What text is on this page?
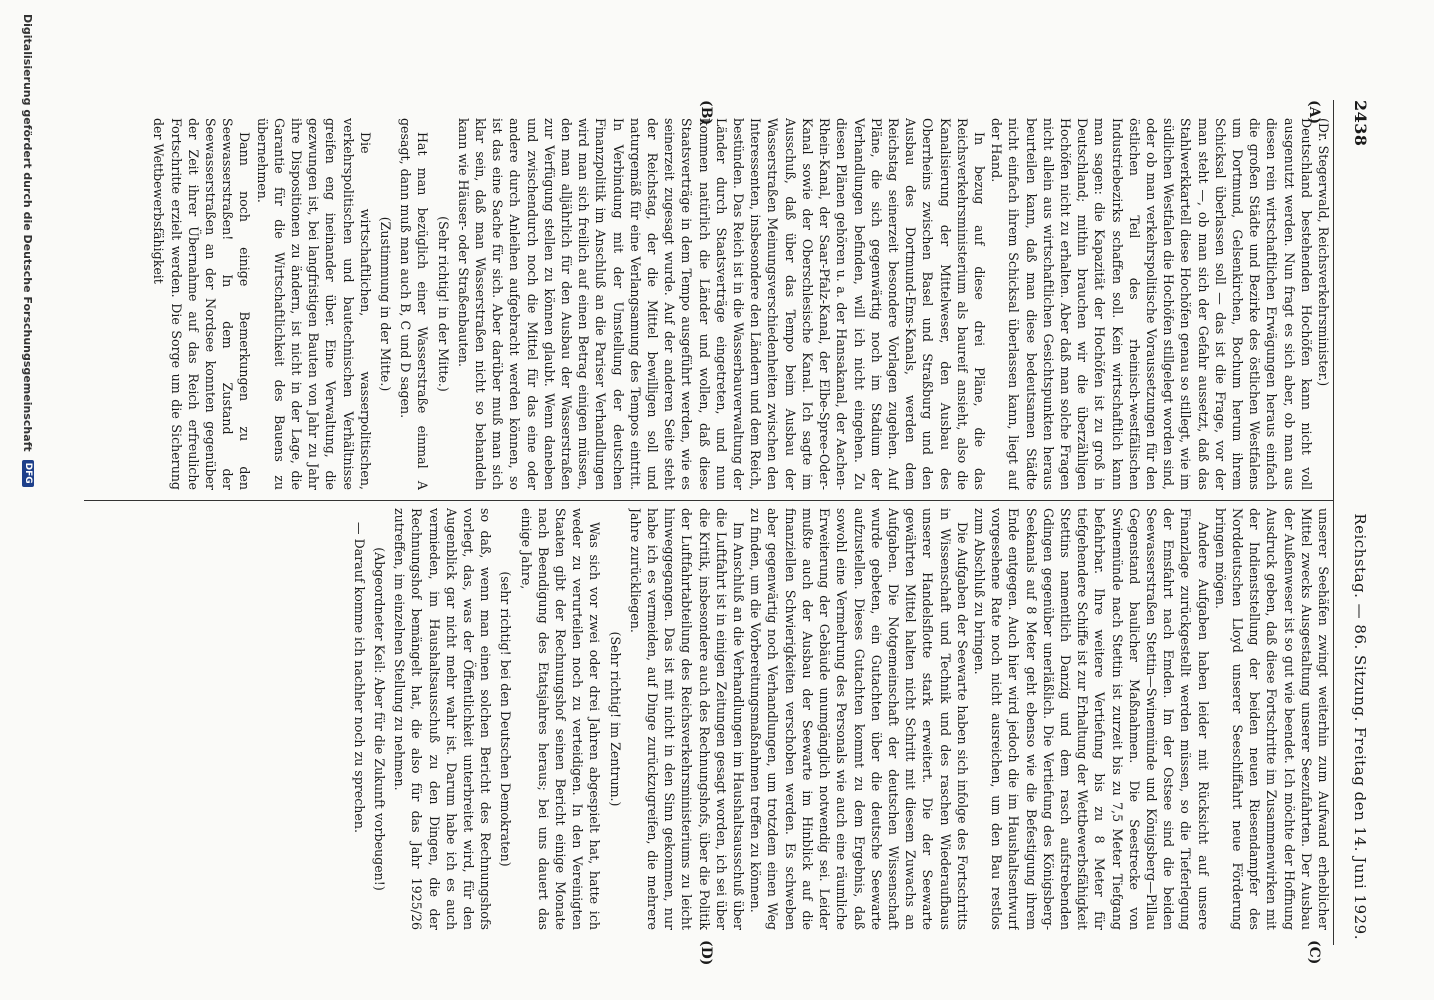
2438
Reichstag. — 86. Sitzung. Freitag den 14. Juni 1929.
(A)
(B)
(C)
(D)

(Dr. Stegerwald, Reichsverkehrsminister.)

Deutschland bestehenden Hochöfen kann nicht voll ausgenutzt werden. Nun fragt es sich aber, ob man aus diesen rein wirtschaftlichen Erwägungen heraus einfach die großen Städte und Bezirke des östlichen Westfalens um Dortmund, Gelsenkirchen, Bochum herum ihrem Schicksal überlassen soll — das ist die Frage, vor der man steht —, ob man sich der Gefahr aussetzt, daß das Stahlwerkkartell diese Hochöfen genau so stillegt, wie im südlichen Westfalen die Hochöfen stillgelegt worden sind, oder ob man verkehrspolitische Voraussetzungen für den östlichen Teil des rheinisch-westfälischen Industriebezirks schaffen soll. Kein wirtschaftlich kann man sagen: die Kapazität der Hochöfen ist zu groß in Deutschland; mithin brauchen wir die überzähligen Hochöfen nicht zu erhalten. Aber daß man solche Fragen nicht allein aus wirtschaftlichen Gesichtspunkten heraus beurteilen kann, daß man diese bedeutsamen Städte nicht einfach ihrem Schicksal überlassen kann, liegt auf der Hand.

In bezug auf diese drei Pläne, die das Reichsverkehrsministerium als baureif ansieht, also die Kanalisierung der Mittelweser, den Ausbau des Oberrheins zwischen Basel und Straßburg und den Ausbau des Dortmund-Ems-Kanals, werden dem Reichstag seinerzeit besondere Vorlagen zugehen. Auf Pläne, die sich gegenwärtig noch im Stadium der Verhandlungen befinden, will ich nicht eingehen. Zu diesen Plänen gehören u. a. der Hansakanal, der Aachen-Rhein-Kanal, der Saar-Pfalz-Kanal, der Elbe-Spree-Oder-Kanal sowie der Oberschlesische Kanal. Ich sagte im Ausschuß, daß über das Tempo beim Ausbau der Wasserstraßen Meinungsverschiedenheiten zwischen den Interessenten, insbesondere den Ländern und dem Reich, bestünden. Das Reich ist in die Wasserbauverwaltung der Länder durch Staatsverträge eingetreten, und nun kommen natürlich die Länder und wollen, daß diese Staatsverträge in dem Tempo ausgeführt werden, wie es seinerzeit zugesagt wurde. Auf der anderen Seite steht der Reichstag, der die Mittel bewilligen soll und naturgemäß für eine Verlangsamung des Tempos eintritt. In Verbindung mit der Umstellung der deutschen Finanzpolitik im Anschluß an die Pariser Verhandlungen wird man sich freilich auf einen Betrag einigen müssen, den man alljährlich für den Ausbau der Wasserstraßen zur Verfügung stellen zu können glaubt. Wenn daneben und zwischendurch noch die Mittel für das eine oder andere durch Anleihen aufgebracht werden können, so ist das eine Sache für sich. Aber darüber muß man sich klar sein, daß man Wasserstraßen nicht so behandeln kann wie Häuser- oder Straßenbauten.

(Sehr richtig! in der Mitte.)

Hat man bezüglich einer Wasserstraße einmal A gesagt, dann muß man auch B, C und D sagen.

(Zustimmung in der Mitte.)

Die wirtschaftlichen, wasserpolitischen, verkehrspolitischen und bautechnischen Verhältnisse greifen eng ineinander über. Eine Verwaltung, die gezwungen ist, bei langfristigen Bauten von Jahr zu Jahr ihre Dispositionen zu ändern, ist nicht in der Lage, die Garantie für die Wirtschaftlichkeit des Bauens zu übernehmen.

Dann noch einige Bemerkungen zu den Seewasserstraßen! In dem Zustand der Seewasserstraßen an der Nordsee konnten gegenüber der Zeit ihrer Übernahme auf das Reich erfreuliche Fortschritte erzielt werden. Die Sorge um die Sicherung der Wettbewerbsfähigkeit

unserer Seehäfen zwingt weiterhin zum Aufwand erheblicher Mittel zwecks Ausgestaltung unserer Seezufahrten. Der Ausbau der Außenweser ist so gut wie beendet. Ich möchte der Hoffnung Ausdruck geben, daß diese Fortschritte im Zusammenwirken mit der Indienststellung der beiden neuen Riesendampfer des Norddeutschen Lloyd unserer Seeschiffahrt neue Förderung bringen mögen.

Andere Aufgaben haben leider mit Rücksicht auf unsere Finanzlage zurückgestellt werden müssen, so die Tieferlegung der Emsfahrt nach Emden. Im der Ostsee sind die beiden Seewasserstraßen Stettin—Swinemünde und Königsberg—Pillau Gegenstand baulicher Maßnahmen. Die Seestrecke von Swinemünde nach Stettin ist zurzeit bis zu 7,5 Meter Tiefgang befahrbar. Ihre weitere Vertiefung bis zu 8 Meter für tiefgehendere Schiffe ist zur Erhaltung der Wettbewerbsfähigkeit Stettins namentlich Danzig und dem rasch aufstrebenden Gdingen gegenüber unerläßlich. Die Vertiefung des Königsberg-Seekanals auf 8 Meter geht ebenso wie die Befestigung ihrem Ende entgegen. Auch hier wird jedoch die im Haushaltsentwurf vorgesehene Rate noch nicht ausreichen, um den Bau restlos zum Abschluß zu bringen.

Die Aufgaben der Seewarte haben sich infolge des Fortschritts in Wissenschaft und Technik und des raschen Wiederaufbaus unserer Handelsflotte stark erweitert. Die der Seewarte gewährten Mittel halten nicht Schritt mit diesem Zuwachs an Aufgaben. Die Notgemeinschaft der deutschen Wissenschaft wurde gebeten, ein Gutachten über die deutsche Seewarte aufzustellen. Dieses Gutachten kommt zu dem Ergebnis, daß sowohl eine Vermehrung des Personals wie auch eine räumliche Erweiterung der Gebäude unumgänglich notwendig sei. Leider mußte auch der Ausbau der Seewarte im Hinblick auf die finanziellen Schwierigkeiten verschoben werden. Es schweben aber gegenwärtig noch Verhandlungen, um trotzdem einen Weg zu finden, um die Vorbereitungsmaßnahmen treffen zu können.

Im Anschluß an die Verhandlungen im Haushaltsausschuß über die Luftfahrt ist in einigen Zeitungen gesagt worden, ich sei über die Kritik, insbesondere auch des Rechnungshofs, über die Politik der Luftfahrtabteilung des Reichsverkehrsministeriums zu leicht hinweggegangen. Das ist mit nicht in den Sinn gekommen, nur habe ich es vermeiden, auf Dinge zurückzugreifen, die mehrere Jahre zurückliegen.

(Sehr richtig! im Zentrum.)

Was sich vor zwei oder drei Jahren abgespielt hat, hatte ich weder zu verurteilen noch zu verteidigen. In den Vereinigten Staaten gibt der Rechnungshof seinen Bericht einige Monate nach Beendigung des Etatsjahres heraus; bei uns dauert das einige Jahre,

(sehr richtig! bei den Deutschen Demokraten)

so daß, wenn man einen solchen Bericht des Rechnungshofs vorlegt, das, was der Öffentlichkeit unterbreitet wird, für den Augenblick gar nicht mehr wahr ist. Darum habe ich es auch vermieden, im Haushaltsausschuß zu den Dingen, die der Rechnungshof bemängelt hat, die also für das Jahr 1925/26 zutreffen, im einzelnen Stellung zu nehmen.

(Abgeordneter Keil: Aber für die Zukunft vorbeugen!)

— Darauf komme ich nachher noch zu sprechen.

Digitalisierung gefördert durch die Deutsche Forschungsgemeinschaft
DFG
